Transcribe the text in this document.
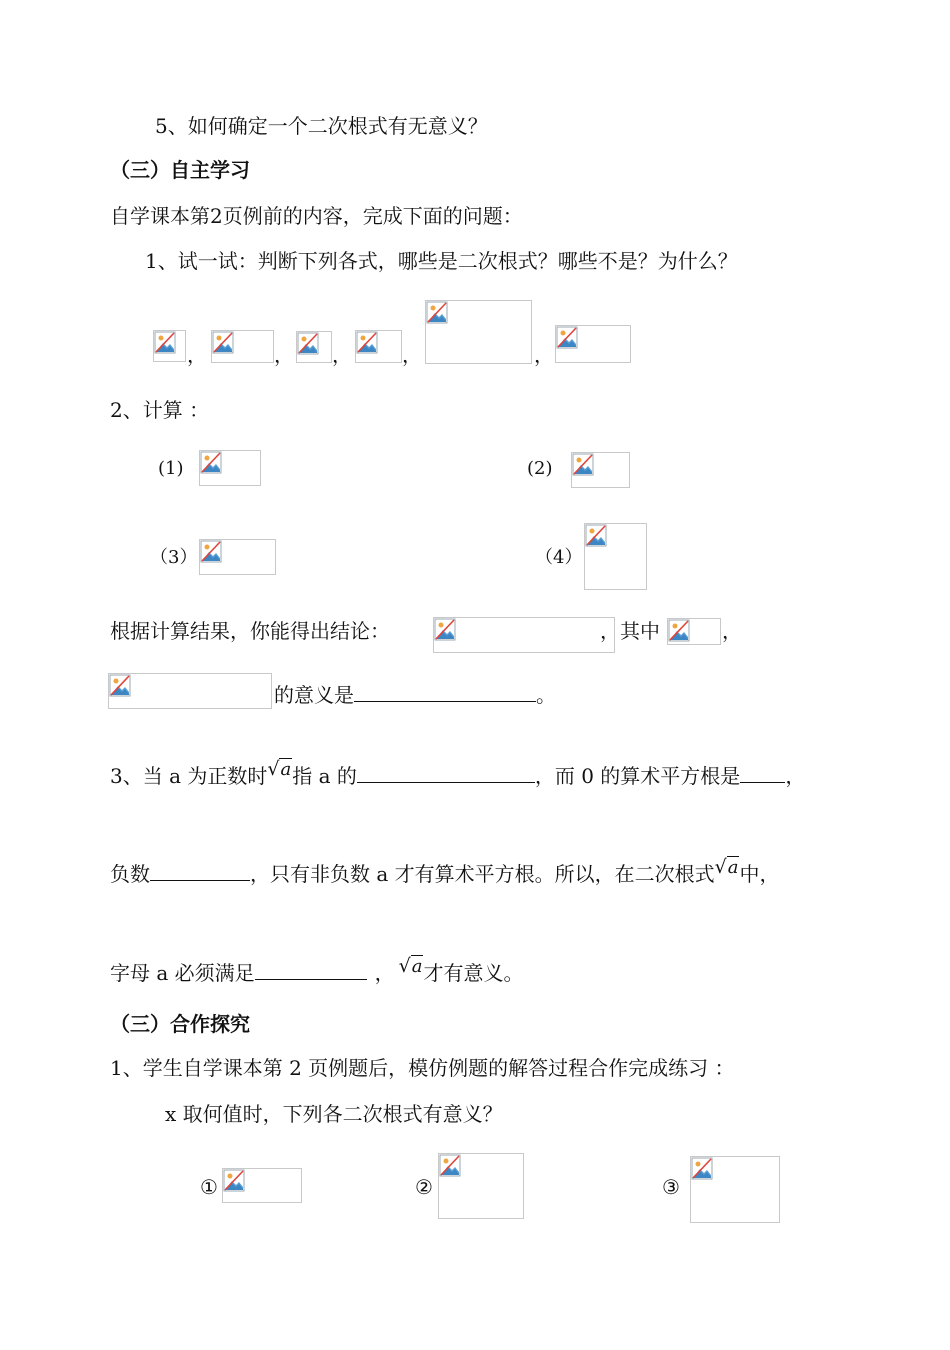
5、如何确定一个二次根式有无意义？
（三）自主学习
自学课本第2页例前的内容，完成下面的问题：
1、试一试：判断下列各式，哪些是二次根式？哪些不是？为什么？
，	， ，	，	，
2、计算 ：
(1)	(2)
（3）	（4）
根据计算结果，你能得出结论：	，其中	，
的意义是	。
3、当 a 为正数时√a指 a 的	，而 0 的算术平方根是 ，
负数	，只有非负数 a 才有算术平方根。所以，在二次根式√a中，
字母 a 必须满足	， √a才有意义。
（三）合作探究
1、学生自学课本第 2 页例题后，模仿例题的解答过程合作完成练习 ：
x 取何值时，下列各二次根式有意义？
①	②	③
